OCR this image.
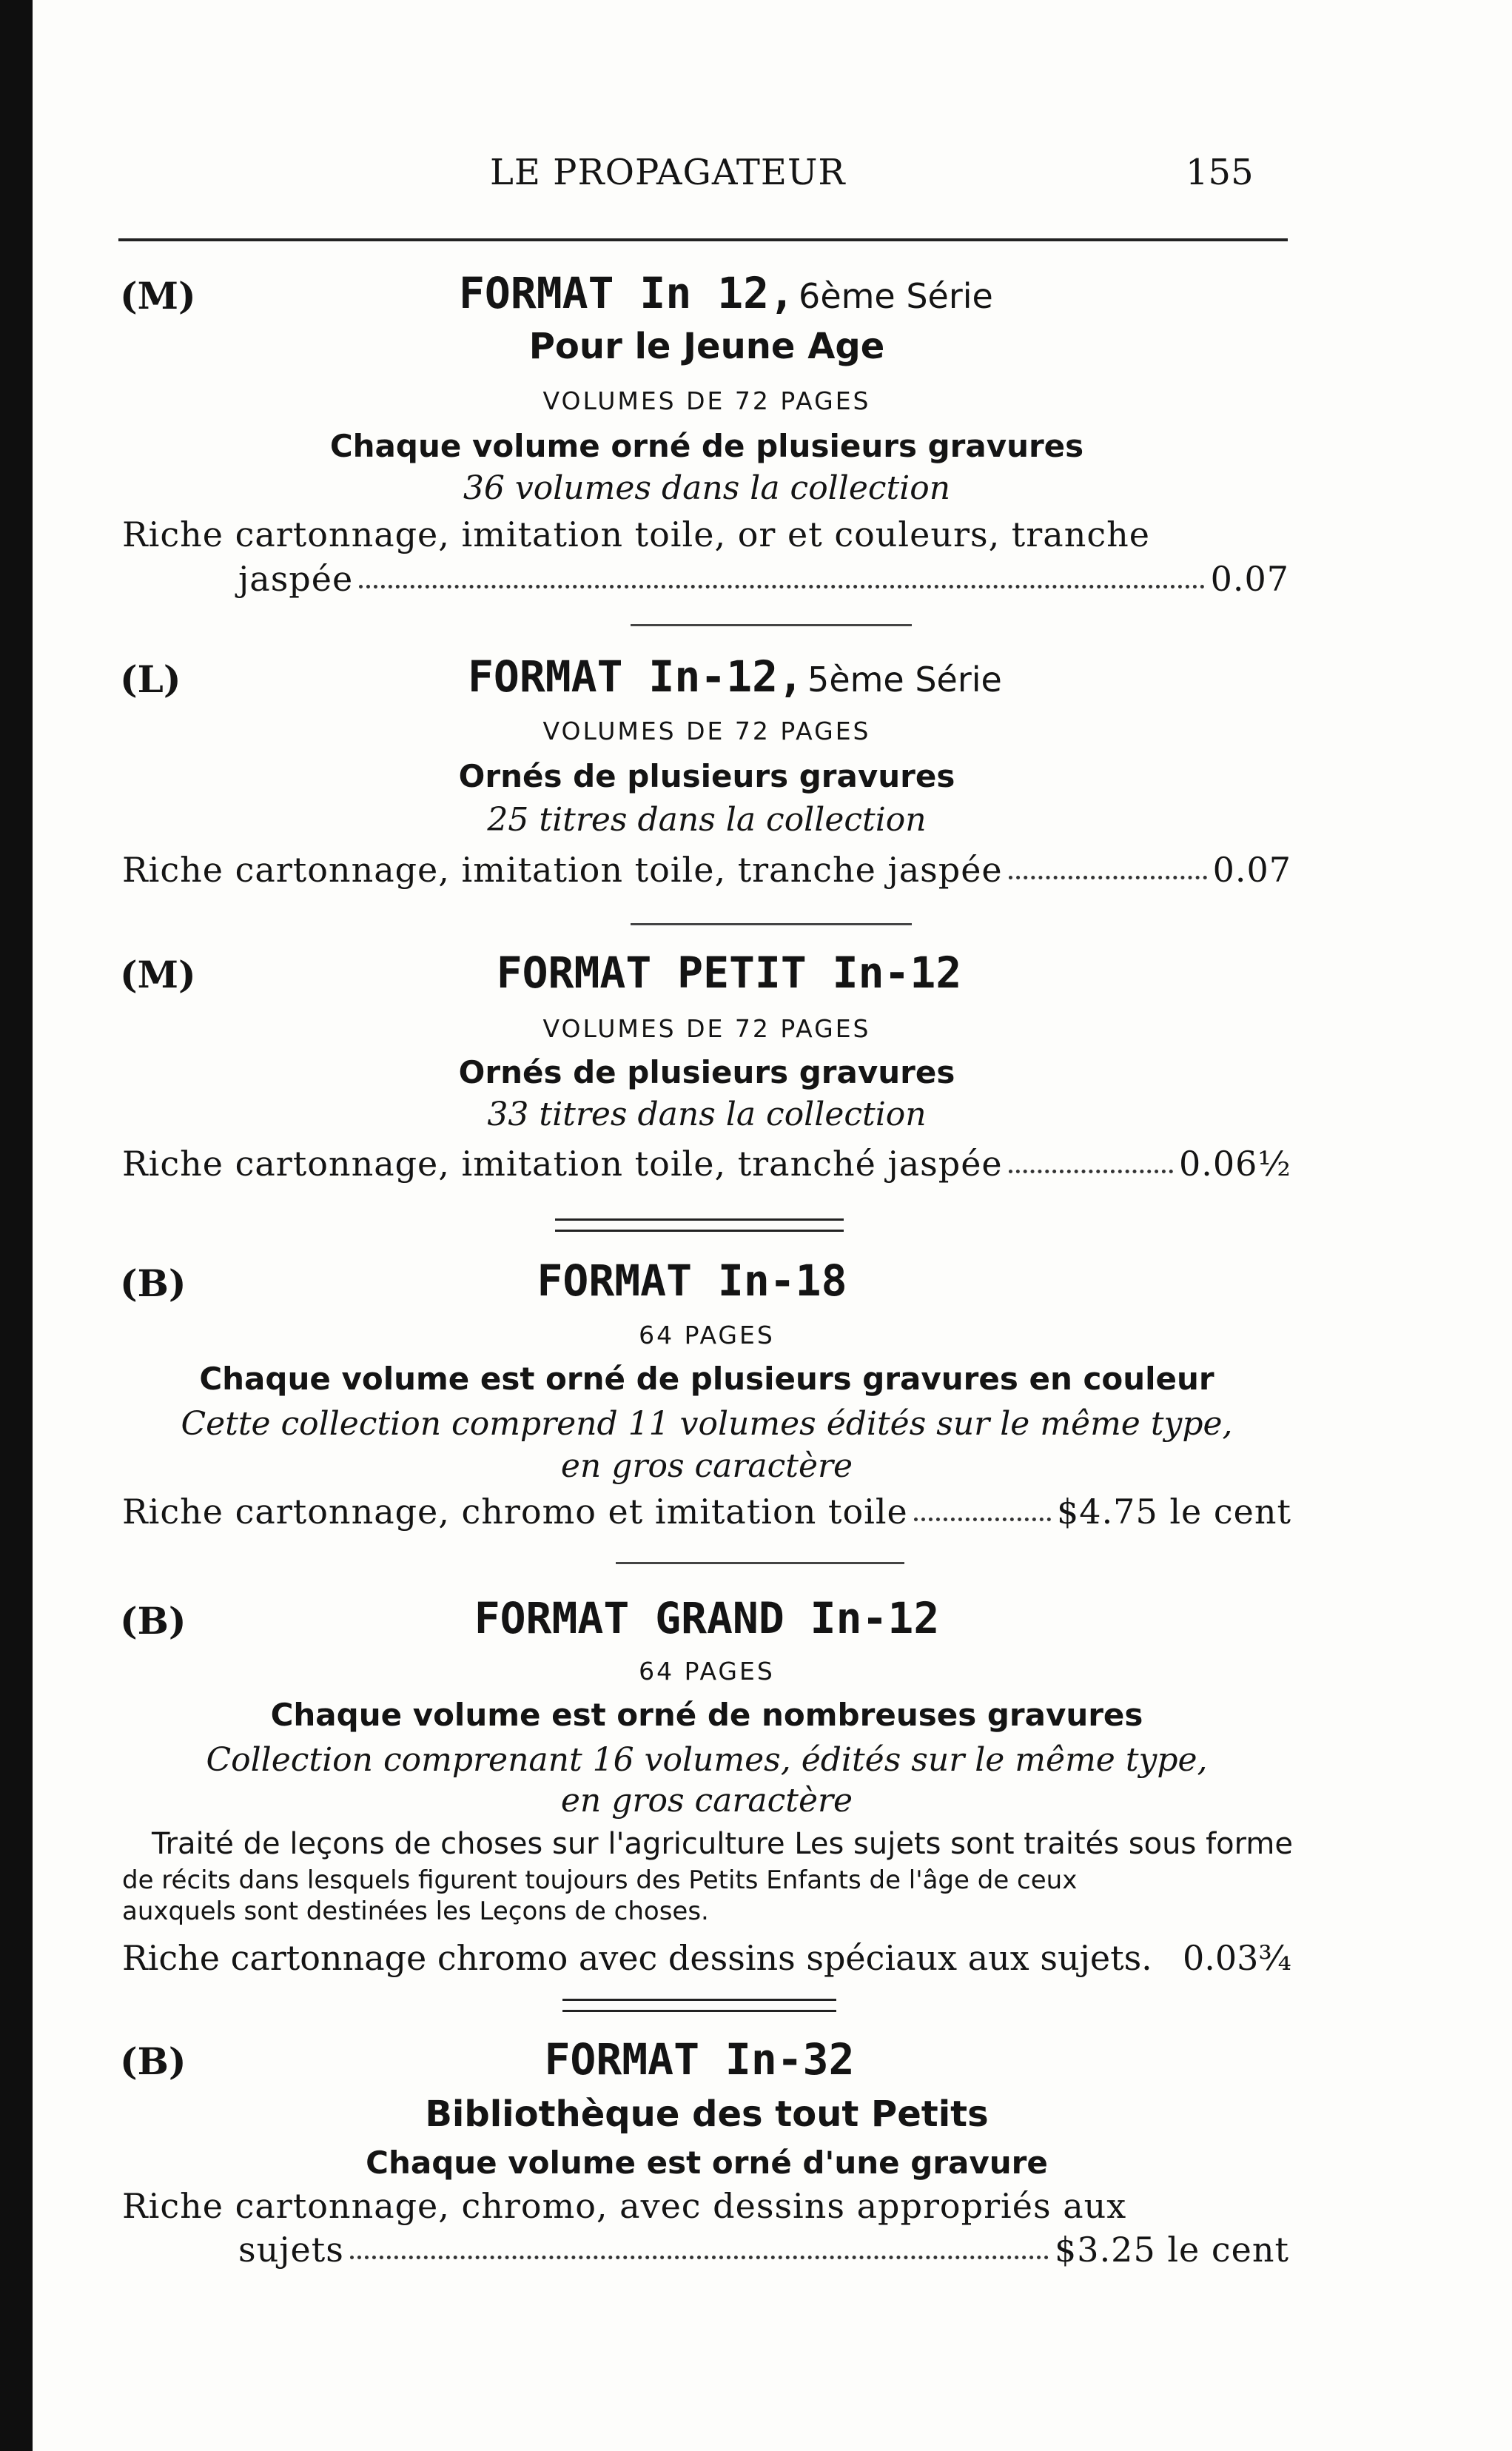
LE PROPAGATEUR	155
(M)	FORMAT In 12, 6ème Série
Pour le Jeune Age
VOLUMES DE 72 PAGES
Chaque volume orné de plusieurs gravures
36 volumes dans la collection
Riche cartonnage, imitation toile, or et couleurs, tranche
jaspée	0.07
(L)	FORMAT In-12, 5ème Série
VOLUMES DE 72 PAGES
Ornés de plusieurs gravures
25 titres dans la collection
Riche cartonnage, imitation toile, tranche jaspée	0.07
(M)	FORMAT PETIT In-12
VOLUMES DE 72 PAGES
Ornés de plusieurs gravures
33 titres dans la collection
Riche cartonnage, imitation toile, tranché jaspée	0.06½
(B)	FORMAT In-18
64 PAGES
Chaque volume est orné de plusieurs gravures en couleur
Cette collection comprend 11 volumes édités sur le même type,
en gros caractère
Riche cartonnage, chromo et imitation toile	$4.75 le cent
(B)	FORMAT GRAND In-12
64 PAGES
Chaque volume est orné de nombreuses gravures
Collection comprenant 16 volumes, édités sur le même type,
en gros caractère
Traité de leçons de choses sur l'agriculture Les sujets sont traités sous forme
de récits dans lesquels figurent toujours des Petits Enfants de l'âge de ceux
auxquels sont destinées les Leçons de choses.
Riche cartonnage chromo avec dessins spéciaux aux sujets. 0.03¾
(B)	FORMAT In-32
Bibliothèque des tout Petits
Chaque volume est orné d'une gravure
Riche cartonnage, chromo, avec dessins appropriés aux
sujets	$3.25 le cent
